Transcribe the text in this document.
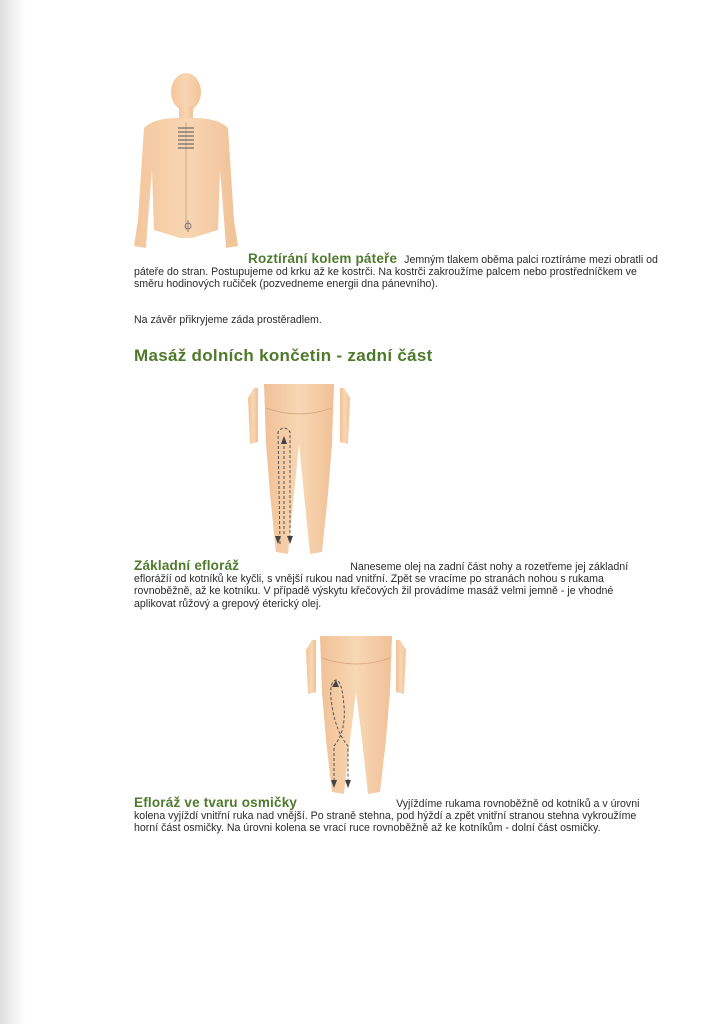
Roztírání kolem páteře Jemným tlakem oběma palci roztíráme mezi obratli od
páteře do stran. Postupujeme od krku až ke kostrči. Na kostrči zakroužíme palcem nebo prostředníčkem ve
směru hodinových ručiček (pozvedneme energii dna pánevního).
Na závěr přikryjeme záda prostěradlem.
Masáž dolních končetin - zadní část
Základní efloráž	Naneseme olej na zadní část nohy a rozetřeme jej základní
eflorážíí od kotníků ke kyčli, s vnější rukou nad vnitřní. Zpět se vracíme po stranách nohou s rukama
rovnoběžně, až ke kotníku. V případě výskytu křečových žil provádíme masáž velmi jemně - je vhodné
aplikovat růžový a grepový éterický olej.
Efloráž ve tvaru osmičky	Vyjíždíme rukama rovnoběžně od kotníků a v úrovni
kolena vyjíždí vnitřní ruka nad vnější. Po straně stehna, pod hýždí a zpět vnitřní stranou stehna vykroužíme
horní část osmičky. Na úrovni kolena se vrací ruce rovnoběžně až ke kotníkům - dolní část osmičky.
